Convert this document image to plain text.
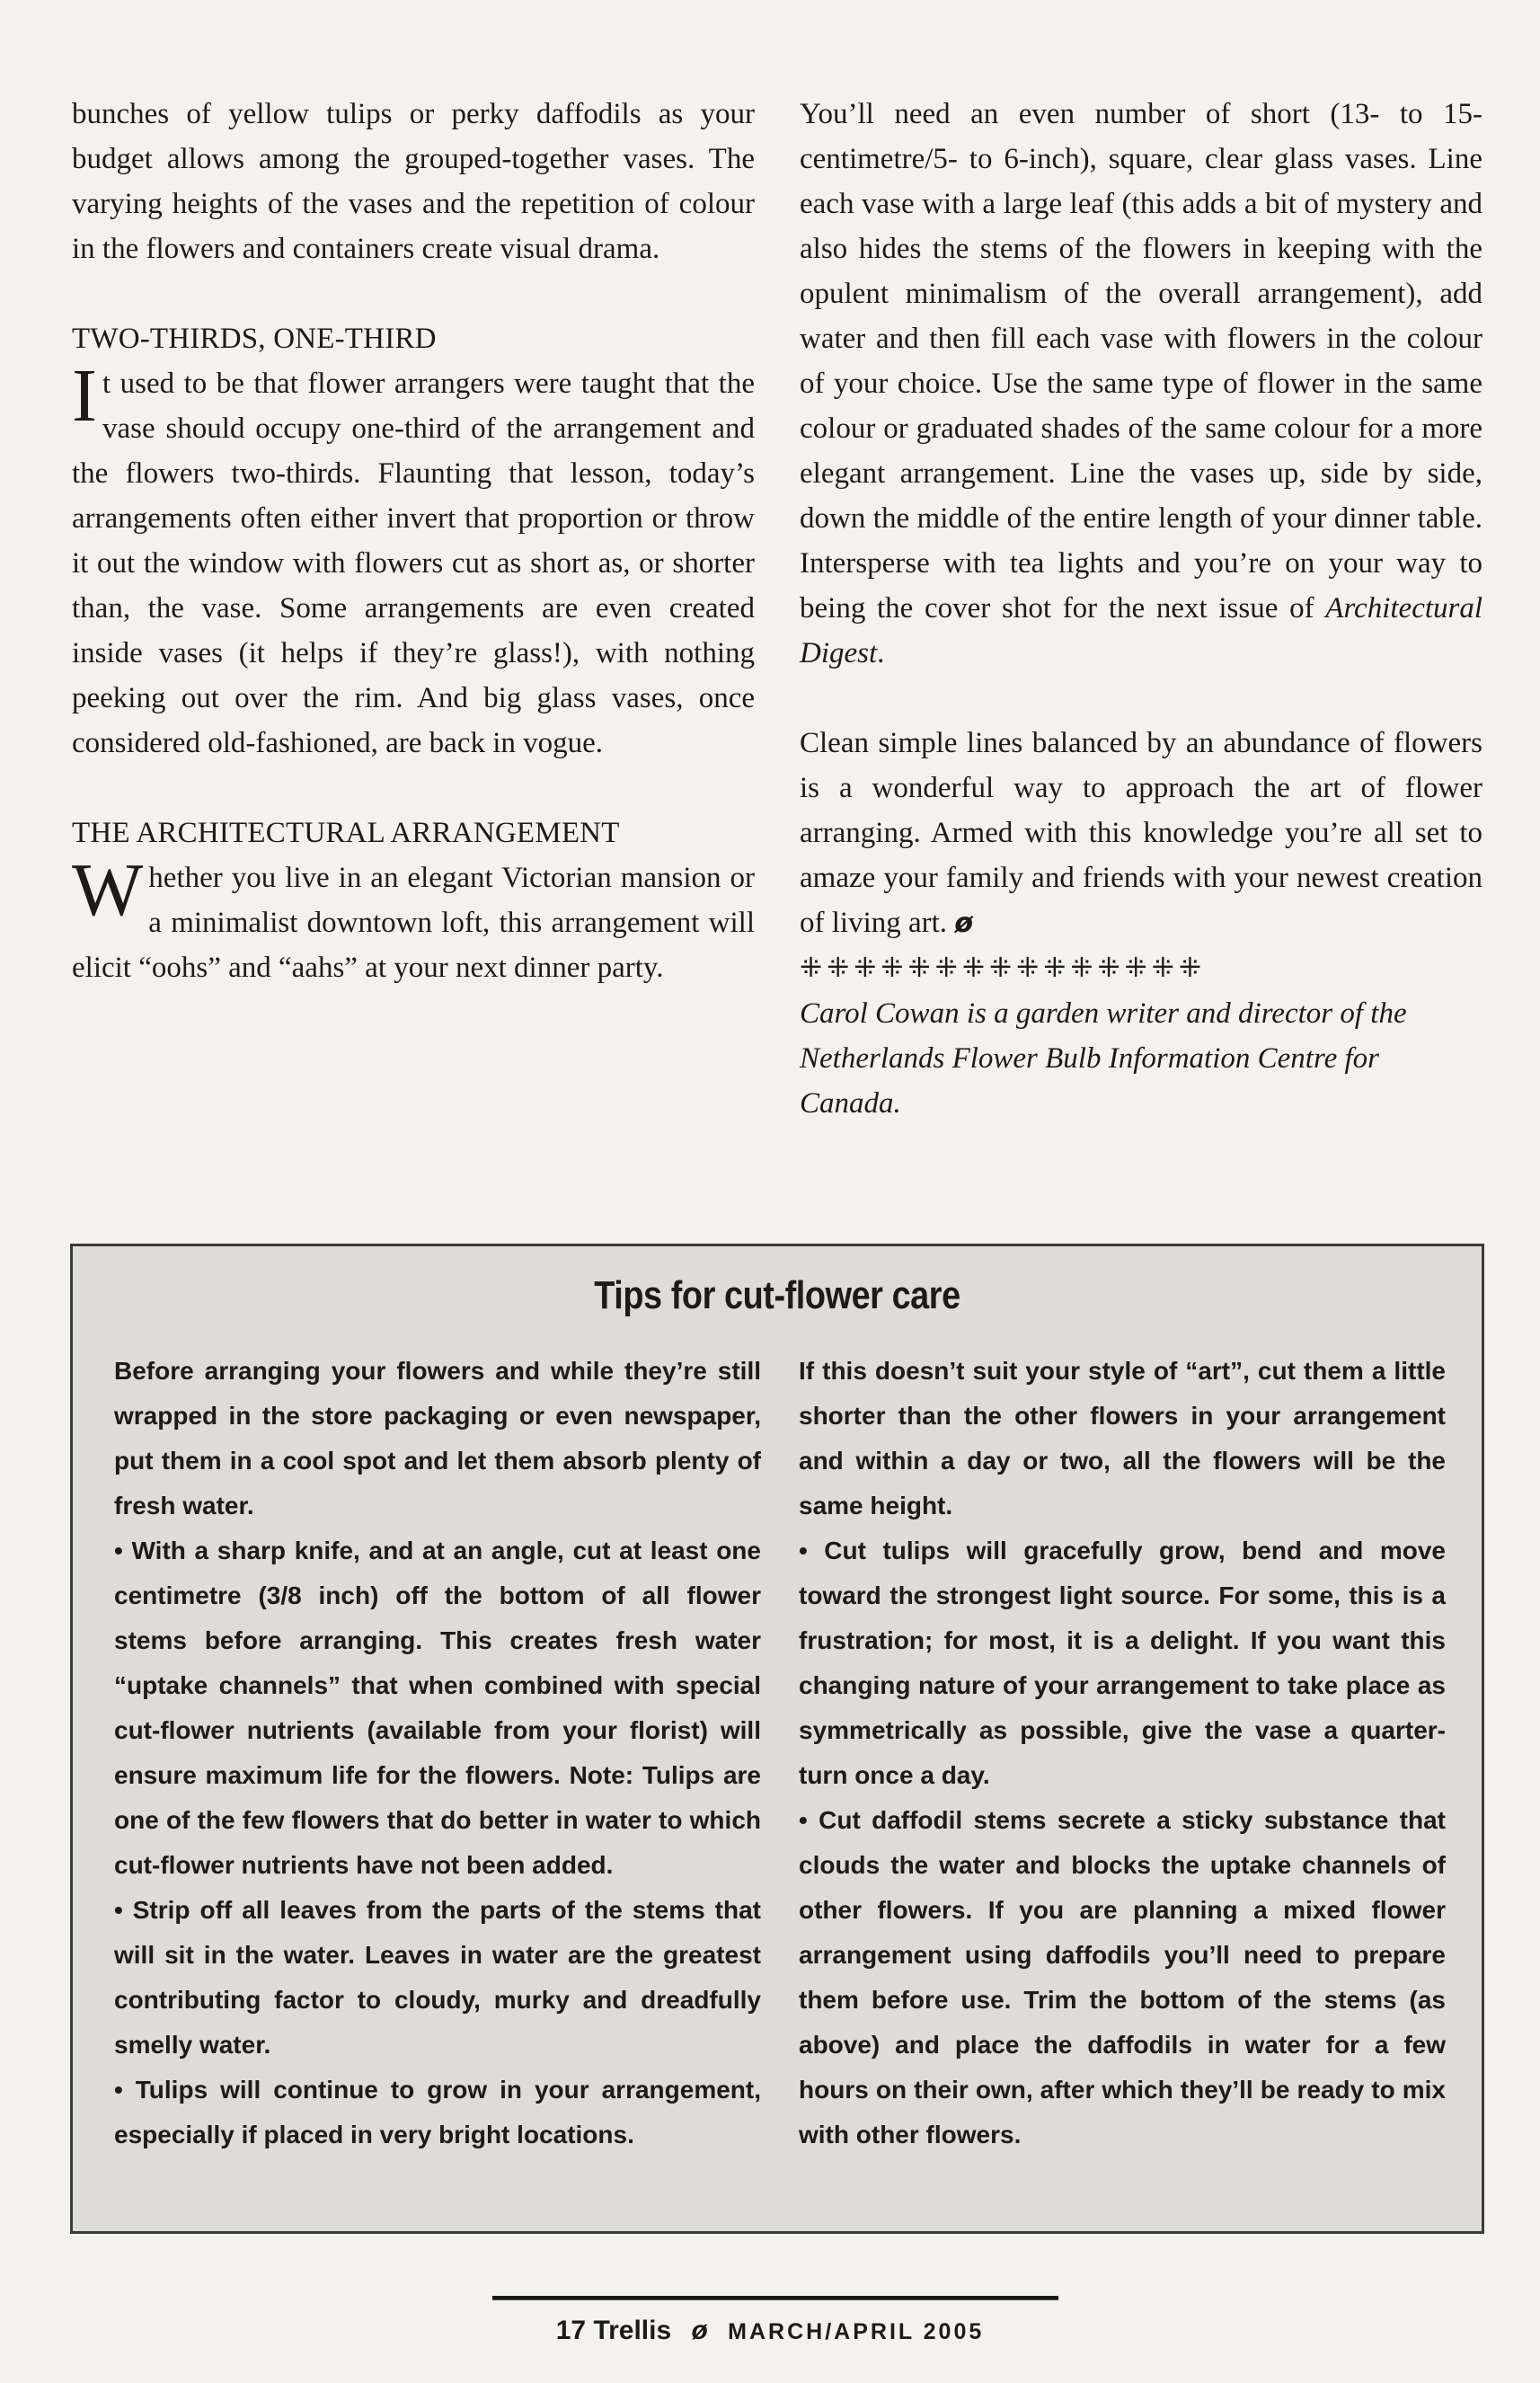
bunches of yellow tulips or perky daffodils as your budget allows among the grouped-together vases. The varying heights of the vases and the repetition of colour in the flowers and containers create visual drama.

TWO-THIRDS, ONE-THIRD

It used to be that flower arrangers were taught that the vase should occupy one-third of the arrangement and the flowers two-thirds. Flaunting that lesson, today’s arrangements often either invert that proportion or throw it out the window with flowers cut as short as, or shorter than, the vase. Some arrangements are even created inside vases (it helps if they’re glass!), with nothing peeking out over the rim. And big glass vases, once considered old-fashioned, are back in vogue.

THE ARCHITECTURAL ARRANGEMENT

Whether you live in an elegant Victorian mansion or a minimalist downtown loft, this arrangement will elicit “oohs” and “aahs” at your next dinner party.

You’ll need an even number of short (13- to 15-centimetre/5- to 6-inch), square, clear glass vases. Line each vase with a large leaf (this adds a bit of mystery and also hides the stems of the flowers in keeping with the opulent minimalism of the overall arrangement), add water and then fill each vase with flowers in the colour of your choice. Use the same type of flower in the same colour or graduated shades of the same colour for a more elegant arrangement. Line the vases up, side by side, down the middle of the entire length of your dinner table. Intersperse with tea lights and you’re on your way to being the cover shot for the next issue of Architectural Digest.

Clean simple lines balanced by an abundance of flowers is a wonderful way to approach the art of flower arranging. Armed with this knowledge you’re all set to amaze your family and friends with your newest creation of living art. ø

⁜⁜⁜⁜⁜⁜⁜⁜⁜⁜⁜⁜⁜⁜⁜

Carol Cowan is a garden writer and director of the Netherlands Flower Bulb Information Centre for Canada.

Tips for cut-flower care

Before arranging your flowers and while they’re still wrapped in the store packaging or even newspaper, put them in a cool spot and let them absorb plenty of fresh water.

• With a sharp knife, and at an angle, cut at least one centimetre (3/8 inch) off the bottom of all flower stems before arranging. This creates fresh water “uptake channels” that when combined with special cut-flower nutrients (available from your florist) will ensure maximum life for the flowers. Note: Tulips are one of the few flowers that do better in water to which cut-flower nutrients have not been added.

• Strip off all leaves from the parts of the stems that will sit in the water. Leaves in water are the greatest contributing factor to cloudy, murky and dreadfully smelly water.

• Tulips will continue to grow in your arrangement, especially if placed in very bright locations.

If this doesn’t suit your style of “art”, cut them a little shorter than the other flowers in your arrangement and within a day or two, all the flowers will be the same height.

• Cut tulips will gracefully grow, bend and move toward the strongest light source. For some, this is a frustration; for most, it is a delight. If you want this changing nature of your arrangement to take place as symmetrically as possible, give the vase a quarter-turn once a day.

• Cut daffodil stems secrete a sticky substance that clouds the water and blocks the uptake channels of other flowers. If you are planning a mixed flower arrangement using daffodils you’ll need to prepare them before use. Trim the bottom of the stems (as above) and place the daffodils in water for a few hours on their own, after which they’ll be ready to mix with other flowers.

17 Trellis ø MARCH/APRIL 2005
